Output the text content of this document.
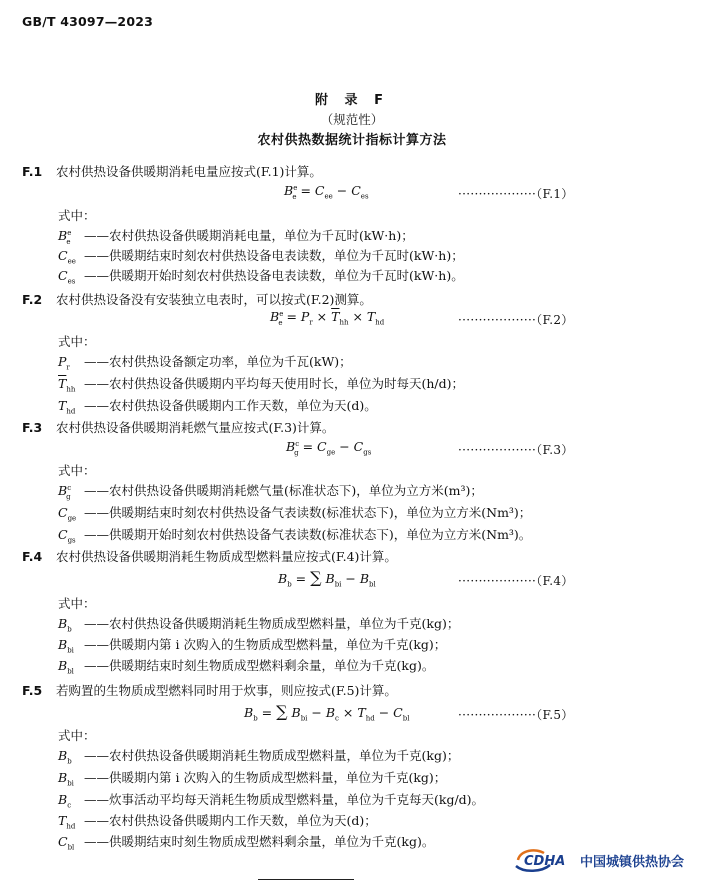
GB/T 43097—2023
附 录 F
（规范性）
农村供热数据统计指标计算方法
F.1 农村供热设备供暖期消耗电量应按式(F.1)计算。
$B^e_e = C_{ee} - C_{es}$	···················（F.1）
式中：
$B^e_e$ ——农村供热设备供暖期消耗电量，单位为千瓦时(kW·h)；
$C_{ee}$ ——供暖期结束时刻农村供热设备电表读数，单位为千瓦时(kW·h)；
$C_{es}$ ——供暖期开始时刻农村供热设备电表读数，单位为千瓦时(kW·h)。
F.2 农村供热设备没有安装独立电表时，可以按式(F.2)测算。
$B^e_e = P_r \times \overline{T}_{hh} \times T_{hd}$	···················（F.2）
式中：
$P_r$ ——农村供热设备额定功率，单位为千瓦(kW)；
$\overline{T}_{hh}$ ——农村供热设备供暖期内平均每天使用时长，单位为时每天(h/d)；
$T_{hd}$ ——农村供热设备供暖期内工作天数，单位为天(d)。
F.3 农村供热设备供暖期消耗燃气量应按式(F.3)计算。
$B^c_g = C_{ge} - C_{gs}$	···················（F.3）
式中：
$B^c_g$ ——农村供热设备供暖期消耗燃气量(标准状态下)，单位为立方米(m³)；
$C_{ge}$ ——供暖期结束时刻农村供热设备气表读数(标准状态下)，单位为立方米(Nm³)；
$C_{gs}$ ——供暖期开始时刻农村供热设备气表读数(标准状态下)，单位为立方米(Nm³)。
F.4 农村供热设备供暖期消耗生物质成型燃料量应按式(F.4)计算。
$B_b$ = ∑ $B_{bi} - B_{bl}$	···················（F.4）
式中：
$B_b$ ——农村供热设备供暖期消耗生物质成型燃料量，单位为千克(kg)；
$B_{bi}$ ——供暖期内第 i 次购入的生物质成型燃料量，单位为千克(kg)；
$B_{bl}$ ——供暖期结束时刻生物质成型燃料剩余量，单位为千克(kg)。
F.5 若购置的生物质成型燃料同时用于炊事，则应按式(F.5)计算。
$B_b$ = ∑ $B_{bi} - B_c \times T_{hd} - C_{bl}$	···················（F.5）
式中：
$B_b$ ——农村供热设备供暖期消耗生物质成型燃料量，单位为千克(kg)；
$B_{bi}$ ——供暖期内第 i 次购入的生物质成型燃料量，单位为千克(kg)；
$B_c$ ——炊事活动平均每天消耗生物质成型燃料量，单位为千克每天(kg/d)。
$T_{hd}$ ——农村供热设备供暖期内工作天数，单位为天(d)；
$C_{bl}$ ——供暖期结束时刻生物质成型燃料剩余量，单位为千克(kg)。
CDHA 中国城镇供热协会
